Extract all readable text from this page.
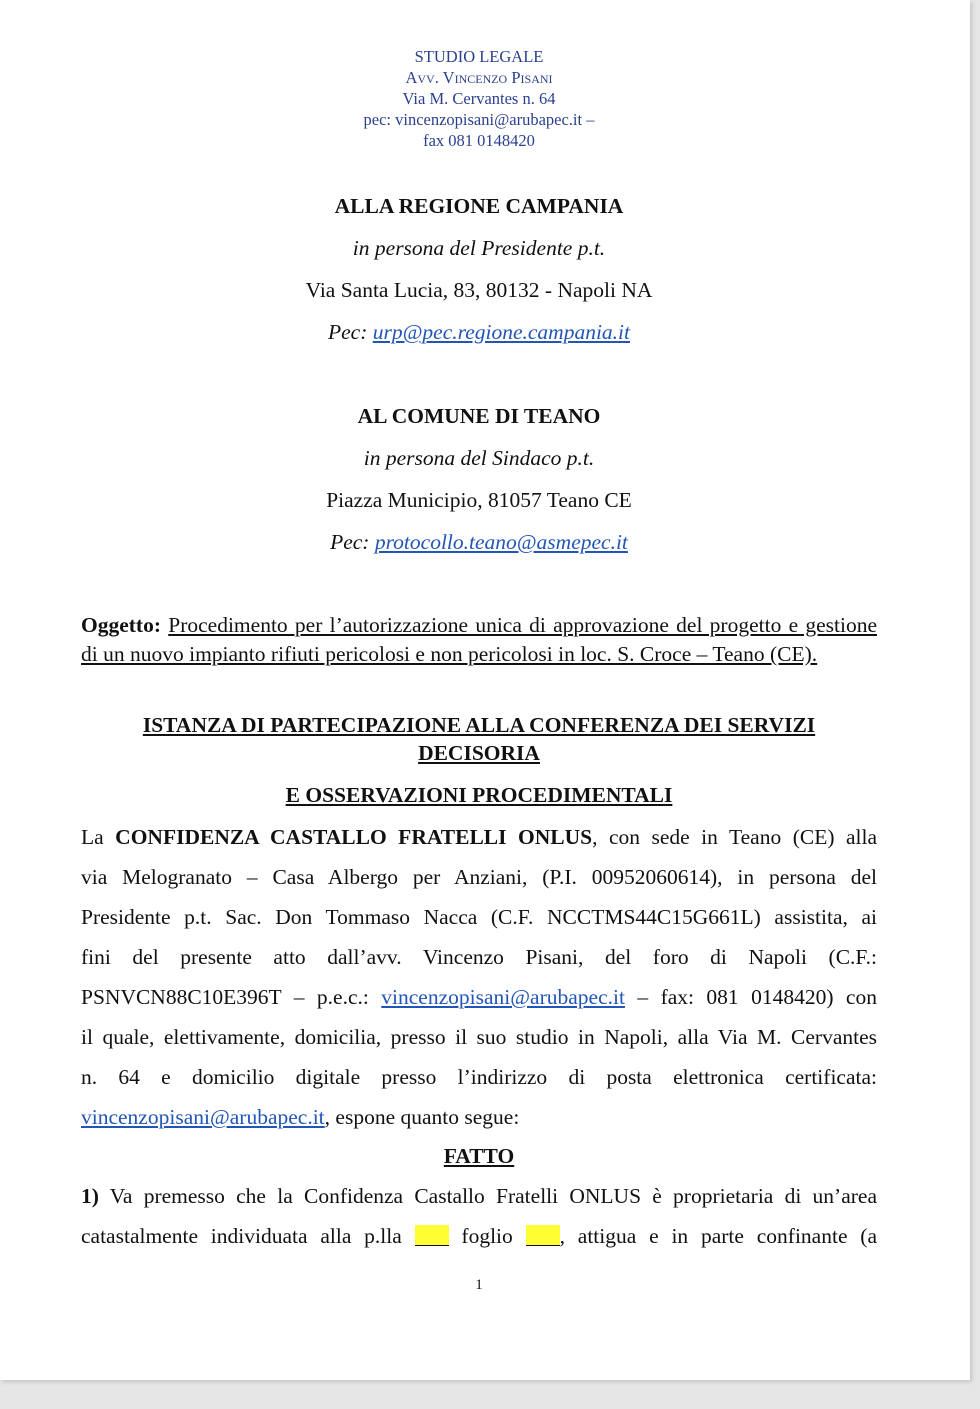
STUDIO LEGALE
Avv. Vincenzo Pisani
Via M. Cervantes n. 64
pec: vincenzopisani@arubapec.it –
fax 081 0148420
ALLA REGIONE CAMPANIA
in persona del Presidente p.t.
Via Santa Lucia, 83, 80132 - Napoli NA
Pec: urp@pec.regione.campania.it
AL COMUNE DI TEANO
in persona del Sindaco p.t.
Piazza Municipio, 81057 Teano CE
Pec: protocollo.teano@asmepec.it
Oggetto: Procedimento per l’autorizzazione unica di approvazione del progetto e gestione di un nuovo impianto rifiuti pericolosi e non pericolosi in loc. S. Croce – Teano (CE).
ISTANZA DI PARTECIPAZIONE ALLA CONFERENZA DEI SERVIZI
DECISORIA
E OSSERVAZIONI PROCEDIMENTALI
La CONFIDENZA CASTALLO FRATELLI ONLUS, con sede in Teano (CE) alla
via Melogranato – Casa Albergo per Anziani, (P.I. 00952060614), in persona del
Presidente p.t. Sac. Don Tommaso Nacca (C.F. NCCTMS44C15G661L) assistita, ai
fini del presente atto dall’avv. Vincenzo Pisani, del foro di Napoli (C.F.:
PSNVCN88C10E396T – p.e.c.: vincenzopisani@arubapec.it – fax: 081 0148420) con
il quale, elettivamente, domicilia, presso il suo studio in Napoli, alla Via M. Cervantes
n. 64 e domicilio digitale presso l’indirizzo di posta elettronica certificata:
vincenzopisani@arubapec.it, espone quanto segue:
FATTO
1) Va premesso che la Confidenza Castallo Fratelli ONLUS è proprietaria di un’area
catastalmente individuata alla p.lla  foglio , attigua e in parte confinante (a
1
